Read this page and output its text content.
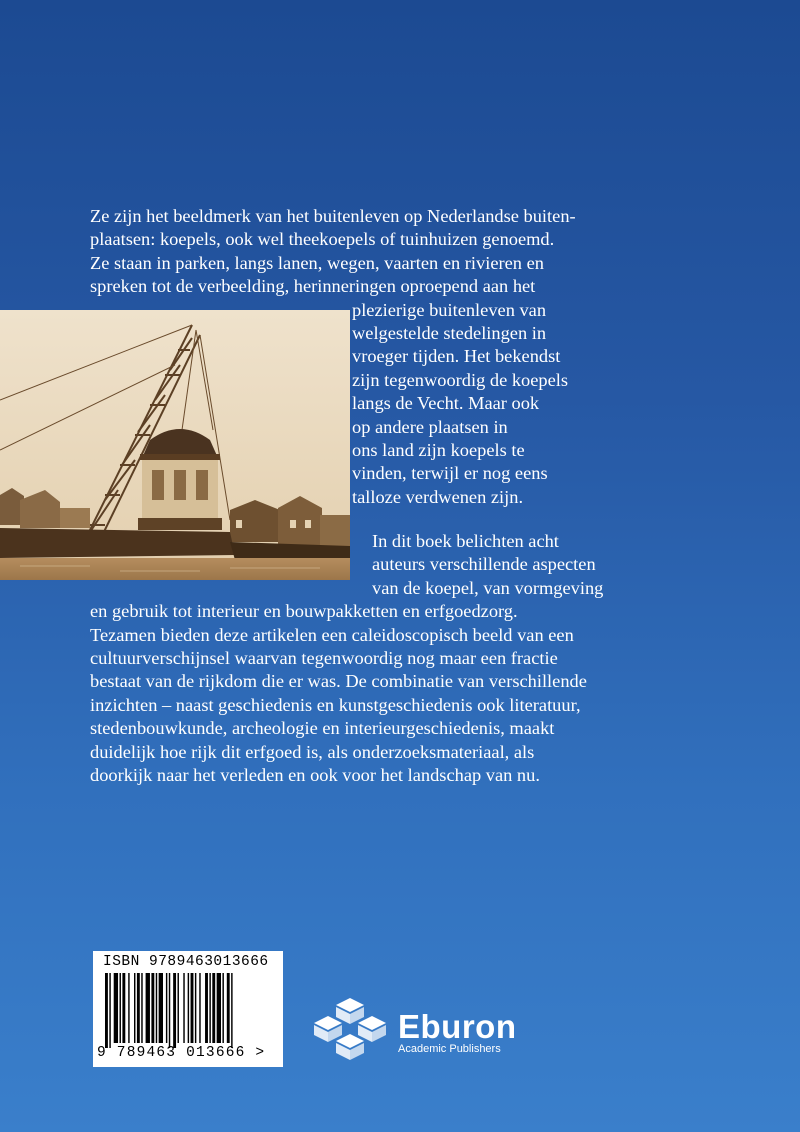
Ze zijn het beeldmerk van het buitenleven op Nederlandse buiten-
plaatsen: koepels, ook wel theekoepels of tuinhuizen genoemd.
Ze staan in parken, langs lanen, wegen, vaarten en rivieren en
spreken tot de verbeelding, herinneringen oproepend aan het
plezierige buitenleven van
welgestelde stedelingen in
vroeger tijden. Het bekendst
zijn tegenwoordig de koepels
langs de Vecht. Maar ook
op andere plaatsen in
ons land zijn koepels te
vinden, terwijl er nog eens
talloze verdwenen zijn.

In dit boek belichten acht
auteurs verschillende aspecten
van de koepel, van vormgeving
en gebruik tot interieur en bouwpakketten en erfgoedzorg.
Tezamen bieden deze artikelen een caleidoscopisch beeld van een
cultuurverschijnsel waarvan tegenwoordig nog maar een fractie
bestaat van de rijkdom die er was. De combinatie van verschillende
inzichten – naast geschiedenis en kunstgeschiedenis ook literatuur,
stedenbouwkunde, archeologie en interieurgeschiedenis, maakt
duidelijk hoe rijk dit erfgoed is, als onderzoeksmateriaal, als
doorkijk naar het verleden en ook voor het landschap van nu.

ISBN 9789463013666
9 789463 013666 >
Eburon
Academic Publishers
